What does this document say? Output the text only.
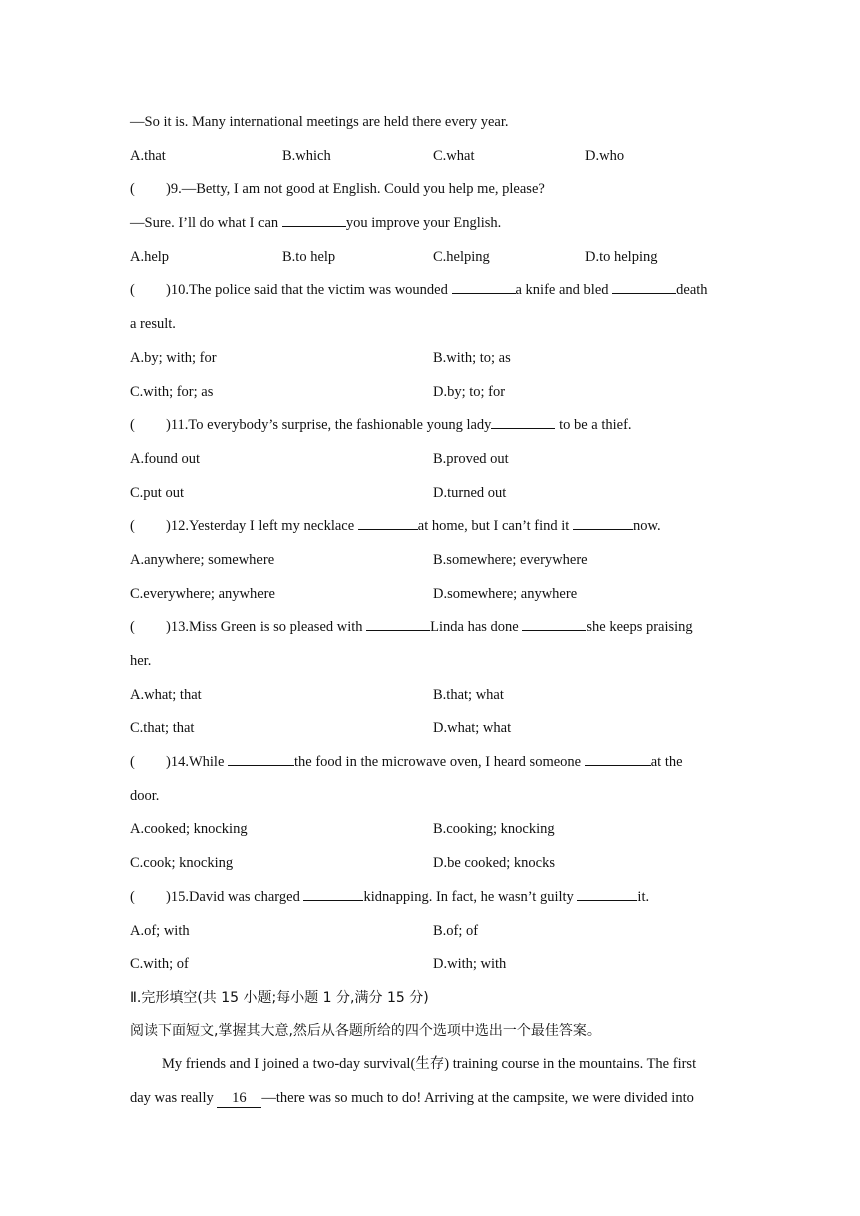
—So it is. Many international meetings are held there every year.
A.that	B.which	C.what	D.who
( )9.—Betty, I am not good at English. Could you help me, please?
—Sure. I’ll do what I can	you improve your English.
A.help	B.to help	C.helping	D.to helping
( )10.The police said that the victim was wounded	a knife and bled	death
a result.
A.by; with; for	B.with; to; as
C.with; for; as	D.by; to; for
( )11.To everybody’s surprise, the fashionable young lady	to be a thief.
A.found out	B.proved out
C.put out	D.turned out
( )12.Yesterday I left my necklace	at home, but I can’t find it	now.
A.anywhere; somewhere	B.somewhere; everywhere
C.everywhere; anywhere	D.somewhere; anywhere
( )13.Miss Green is so pleased with	Linda has done	she keeps praising
her.
A.what; that	B.that; what
C.that; that	D.what; what
( )14.While	the food in the microwave oven, I heard someone	at the
door.
A.cooked; knocking	B.cooking; knocking
C.cook; knocking	D.be cooked; knocks
( )15.David was charged	kidnapping. In fact, he wasn’t guilty	it.
A.of; with	B.of; of
C.with; of	D.with; with
Ⅱ.完形填空(共 15 小题;每小题 1 分,满分 15 分)
阅读下面短文,掌握其大意,然后从各题所给的四个选项中选出一个最佳答案。
My friends and I joined a two-day survival(生存) training course in the mountains. The first
day was really 16 —there was so much to do! Arriving at the campsite, we were divided into
